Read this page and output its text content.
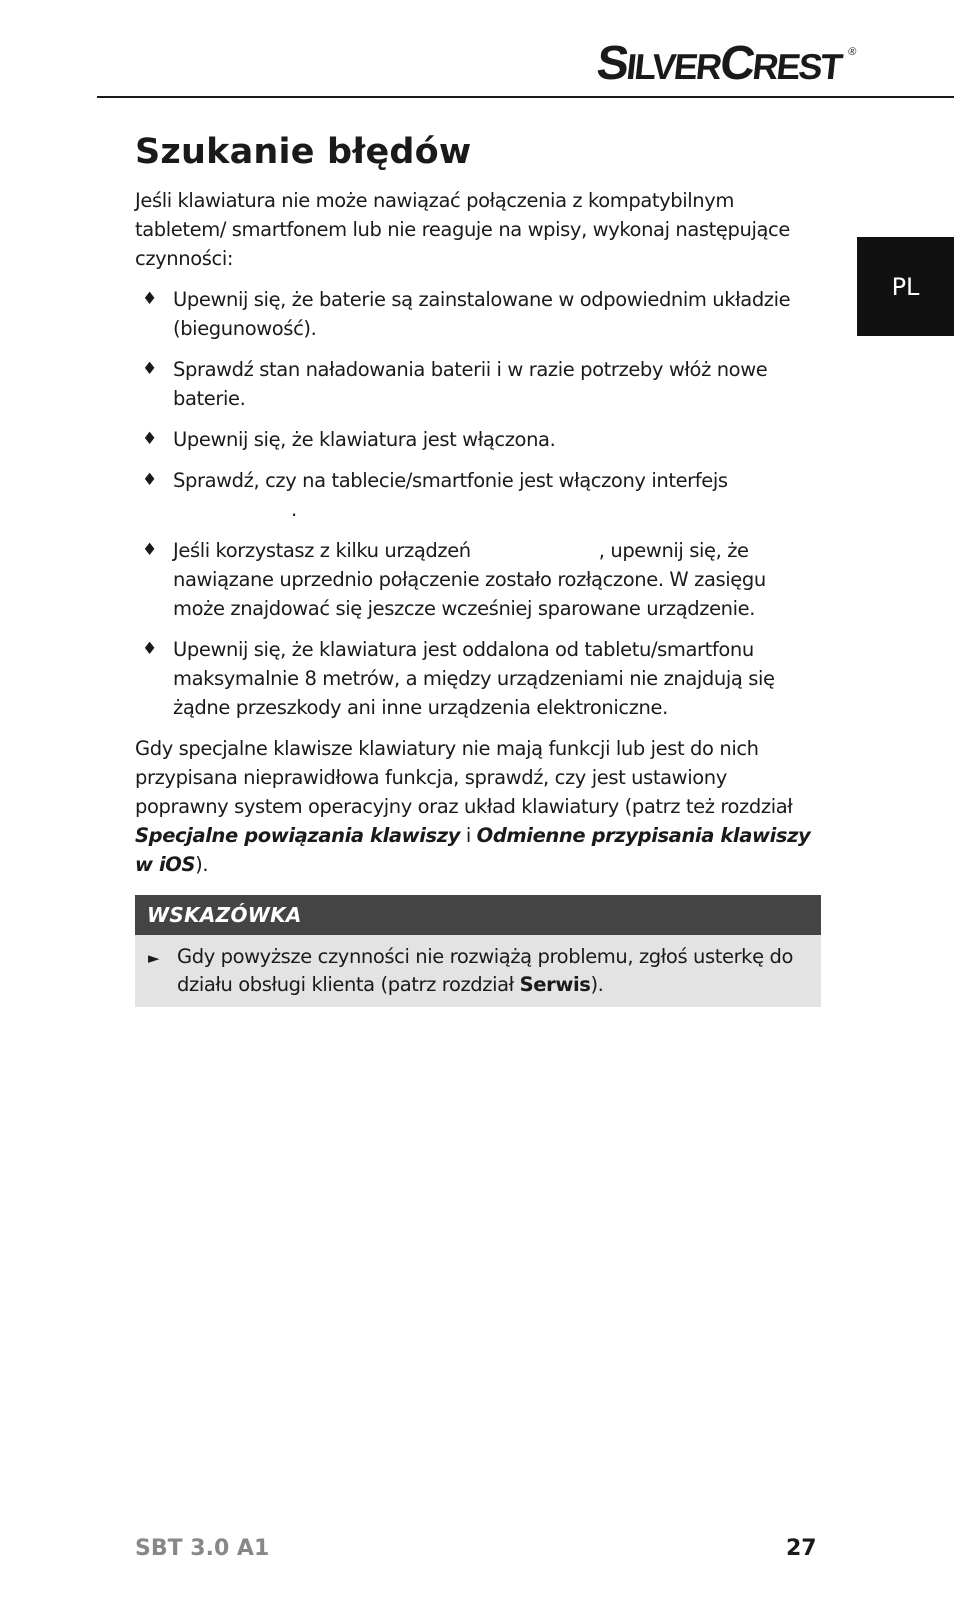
SILVERCREST ®
PL
Szukanie błędów

Jeśli klawiatura nie może nawiązać połączenia z kompatybilnym tabletem/ smartfonem lub nie reaguje na wpisy, wykonaj następujące czynności:

♦ Upewnij się, że baterie są zainstalowane w odpowiednim układzie (biegunowość).
♦ Sprawdź stan naładowania baterii i w razie potrzeby włóż nowe baterie.
♦ Upewnij się, że klawiatura jest włączona.
♦ Sprawdź, czy na tablecie/smartfonie jest włączony interfejs
.
♦ Jeśli korzystasz z kilku urządzeń	, upewnij się, że nawiązane uprzednio połączenie zostało rozłączone. W zasięgu może znajdować się jeszcze wcześniej sparowane urządzenie.
♦ Upewnij się, że klawiatura jest oddalona od tabletu/smartfonu maksymalnie 8 metrów, a między urządzeniami nie znajdują się żądne przeszkody ani inne urządzenia elektroniczne.

Gdy specjalne klawisze klawiatury nie mają funkcji lub jest do nich przypisana nieprawidłowa funkcja, sprawdź, czy jest ustawiony poprawny system operacyjny oraz układ klawiatury (patrz też rozdział Specjalne powiązania klawiszy i Odmienne przypisania klawiszy w iOS).

WSKAZÓWKA
► Gdy powyższe czynności nie rozwiążą problemu, zgłoś usterkę do działu obsługi klienta (patrz rozdział Serwis).
SBT 3.0 A1	27
